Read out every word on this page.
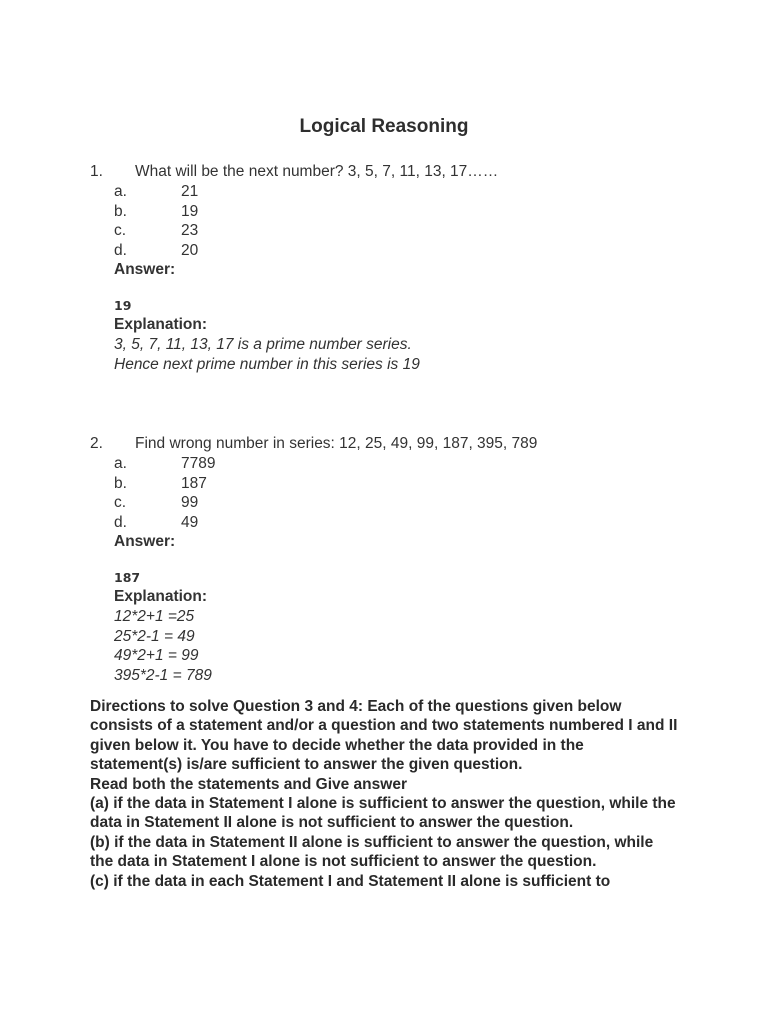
Logical Reasoning
1. What will be the next number? 3, 5, 7, 11, 13, 17……
a.	21
b.	19
c.	23
d.	20
Answer:
19
Explanation:
3, 5, 7, 11, 13, 17 is a prime number series.
Hence next prime number in this series is 19
2. Find wrong number in series: 12, 25, 49, 99, 187, 395, 789
a.	7789
b.	187
c.	99
d.	49
Answer:
187
Explanation:
12*2+1 =25
25*2-1 = 49
49*2+1 = 99
395*2-1 = 789

Directions to solve Question 3 and 4: Each of the questions given below consists of a statement and/or a question and two statements numbered I and II given below it. You have to decide whether the data provided in the statement(s) is/are sufficient to answer the given question.

Read both the statements and Give answer

(a) if the data in Statement I alone is sufficient to answer the question, while the data in Statement II alone is not sufficient to answer the question.

(b) if the data in Statement II alone is sufficient to answer the question, while the data in Statement I alone is not sufficient to answer the question.

(c) if the data in each Statement I and Statement II alone is sufficient to
